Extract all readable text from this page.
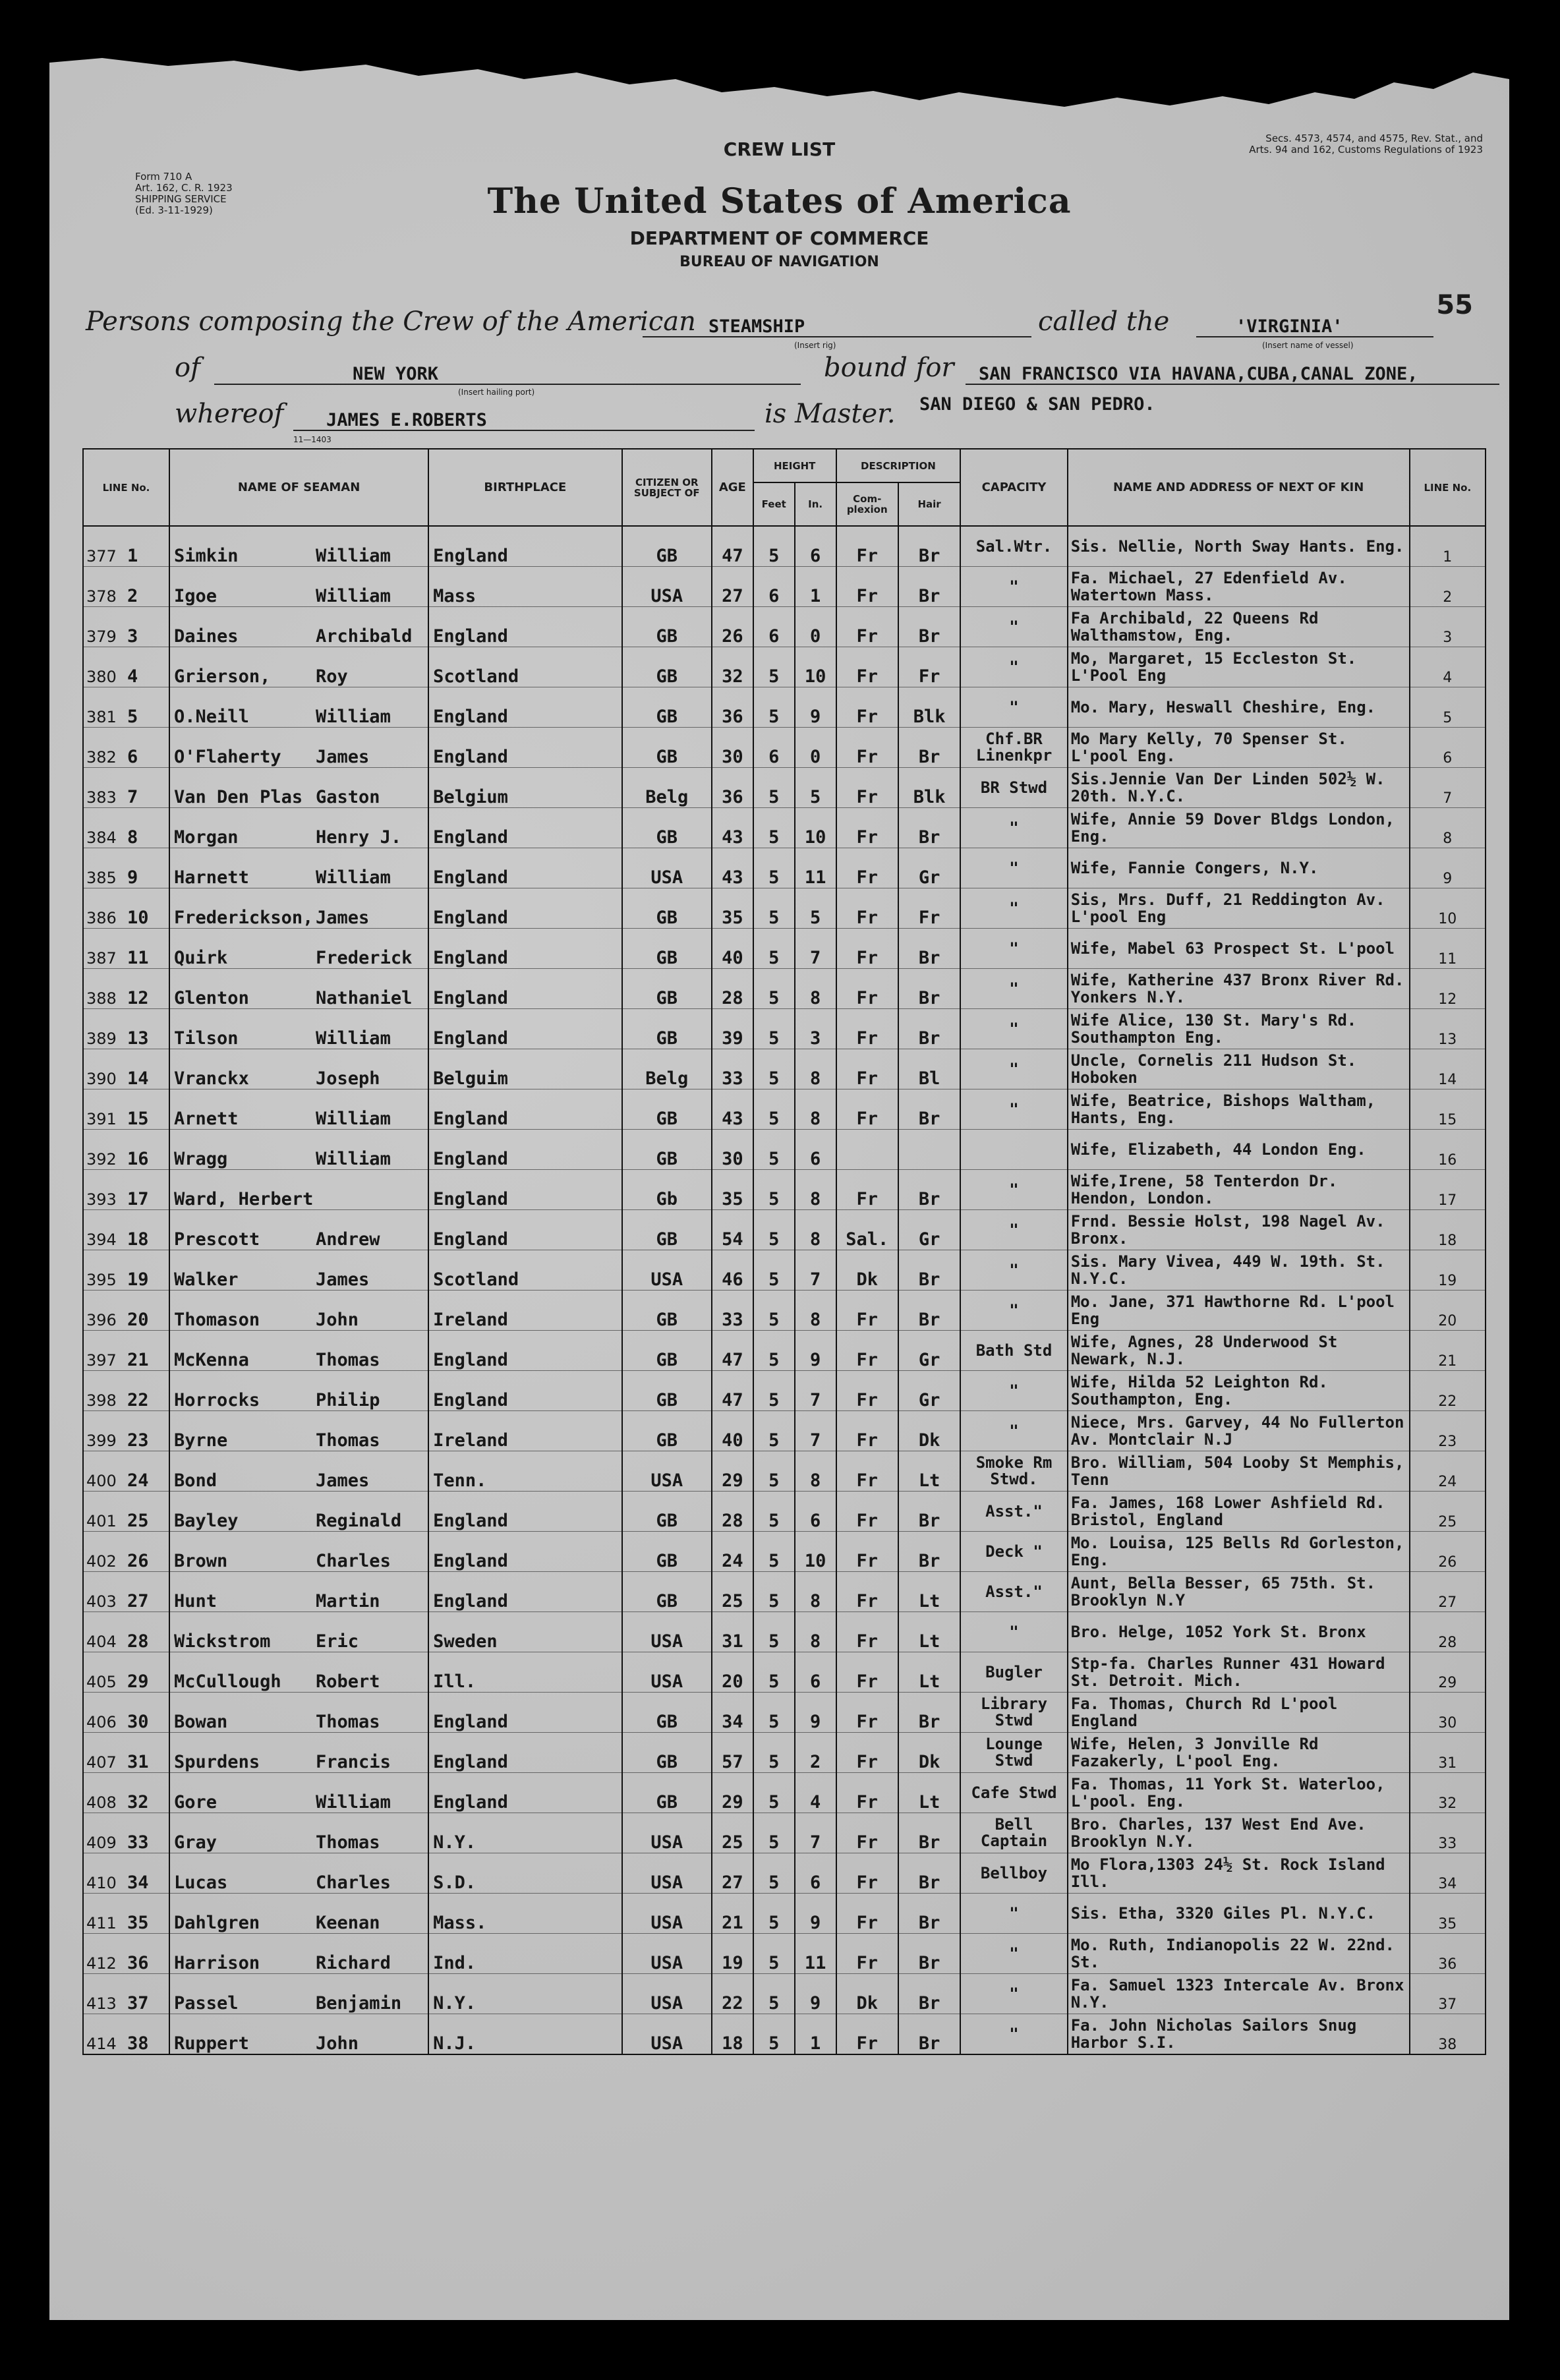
Form 710 A
Art. 162, C. R. 1923
SHIPPING SERVICE
(Ed. 3-11-1929)
Secs. 4573, 4574, and 4575, Rev. Stat., and
Arts. 94 and 162, Customs Regulations of 1923
CREW LIST
The United States of America
DEPARTMENT OF COMMERCE
BUREAU OF NAVIGATION
55
Persons composing the Crew of the American STEAMSHIP
(Insert rig)
called the	'VIRGINIA'
(Insert name of vessel)
of	NEW YORK
(Insert hailing port)
bound for SAN FRANCISCO VIA HAVANA,CUBA,CANAL ZONE,
whereof JAMES E.ROBERTS	is Master. SAN DIEGO & SAN PEDRO.
11—1403
LINE No.	NAME OF SEAMAN	BIRTHPLACE	CITIZEN OR SUBJECT OF	AGE	HEIGHT		DESCRIPTION		CAPACITY	NAME AND ADDRESS OF NEXT OF KIN	LINE No.
					Feet	In.	Com-plexion	Hair			
377 1	Simkin William	England	GB	47	5	6	Fr	Br	Sal.Wtr.	Sis. Nellie, North Sway Hants. Eng.	1
378 2	Igoe William	Mass	USA	27	6	1	Fr	Br	"	Fa. Michael, 27 Edenfield Av. Watertown Mass.	2
379 3	Daines Archibald	England	GB	26	6	0	Fr	Br	"	Fa Archibald, 22 Queens Rd Walthamstow, Eng.	3
380 4	Grierson, Roy	Scotland	GB	32	5	10	Fr	Fr	"	Mo, Margaret, 15 Eccleston St. L'Pool Eng	4
381 5	O.Neill William	England	GB	36	5	9	Fr	Blk	"	Mo. Mary, Heswall Cheshire, Eng.	5
382 6	O'Flaherty James	England	GB	30	6	0	Fr	Br	Chf.BR Linenkpr	Mo Mary Kelly, 70 Spenser St. L'pool Eng.	6
383 7	Van Den Plas Gaston	Belgium	Belg	36	5	5	Fr	Blk	BR Stwd	Sis.Jennie Van Der Linden 502½ W. 20th. N.Y.C.	7
384 8	Morgan Henry J.	England	GB	43	5	10	Fr	Br	"	Wife, Annie 59 Dover Bldgs London, Eng.	8
385 9	Harnett William	England	USA	43	5	11	Fr	Gr	"	Wife, Fannie Congers, N.Y.	9
386 10	Frederickson, James	England	GB	35	5	5	Fr	Fr	"	Sis, Mrs. Duff, 21 Reddington Av. L'pool Eng	10
387 11	Quirk Frederick	England	GB	40	5	7	Fr	Br	"	Wife, Mabel 63 Prospect St. L'pool	11
388 12	Glenton Nathaniel	England	GB	28	5	8	Fr	Br	"	Wife, Katherine 437 Bronx River Rd. Yonkers N.Y.	12
389 13	Tilson William	England	GB	39	5	3	Fr	Br	"	Wife Alice, 130 St. Mary's Rd. Southampton Eng.	13
390 14	Vranckx Joseph	Belguim	Belg	33	5	8	Fr	Bl	"	Uncle, Cornelis 211 Hudson St. Hoboken	14
391 15	Arnett William	England	GB	43	5	8	Fr	Br	"	Wife, Beatrice, Bishops Waltham, Hants, Eng.	15
392 16	Wragg William	England	GB	30	5	6				Wife, Elizabeth, 44 London Eng.	16
393 17	Ward, Herbert	England	Gb	35	5	8	Fr	Br	"	Wife,Irene, 58 Tenterdon Dr. Hendon, London.	17
394 18	Prescott Andrew	England	GB	54	5	8	Sal.	Gr	"	Frnd. Bessie Holst, 198 Nagel Av. Bronx.	18
395 19	Walker James	Scotland	USA	46	5	7	Dk	Br	"	Sis. Mary Vivea, 449 W. 19th. St. N.Y.C.	19
396 20	Thomason John	Ireland	GB	33	5	8	Fr	Br	"	Mo. Jane, 371 Hawthorne Rd. L'pool Eng	20
397 21	McKenna Thomas	England	GB	47	5	9	Fr	Gr	Bath Std	Wife, Agnes, 28 Underwood St Newark, N.J.	21
398 22	Horrocks Philip	England	GB	47	5	7	Fr	Gr	"	Wife, Hilda 52 Leighton Rd. Southampton, Eng.	22
399 23	Byrne Thomas	Ireland	GB	40	5	7	Fr	Dk	"	Niece, Mrs. Garvey, 44 No Fullerton Av. Montclair N.J	23
400 24	Bond James	Tenn.	USA	29	5	8	Fr	Lt	Smoke Rm Stwd.	Bro. William, 504 Looby St Memphis, Tenn	24
401 25	Bayley Reginald	England	GB	28	5	6	Fr	Br	Asst."	Fa. James, 168 Lower Ashfield Rd. Bristol, England	25
402 26	Brown Charles	England	GB	24	5	10	Fr	Br	Deck "	Mo. Louisa, 125 Bells Rd Gorleston, Eng.	26
403 27	Hunt Martin	England	GB	25	5	8	Fr	Lt	Asst."	Aunt, Bella Besser, 65 75th. St. Brooklyn N.Y	27
404 28	Wickstrom Eric	Sweden	USA	31	5	8	Fr	Lt	"	Bro. Helge, 1052 York St. Bronx	28
405 29	McCullough Robert	Ill.	USA	20	5	6	Fr	Lt	Bugler	Stp-fa. Charles Runner 431 Howard St. Detroit. Mich.	29
406 30	Bowan Thomas	England	GB	34	5	9	Fr	Br	Library Stwd	Fa. Thomas, Church Rd L'pool England	30
407 31	Spurdens Francis	England	GB	57	5	2	Fr	Dk	Lounge Stwd	Wife, Helen, 3 Jonville Rd Fazakerly, L'pool Eng.	31
408 32	Gore William	England	GB	29	5	4	Fr	Lt	Cafe Stwd	Fa. Thomas, 11 York St. Waterloo, L'pool. Eng.	32
409 33	Gray Thomas	N.Y.	USA	25	5	7	Fr	Br	Bell Captain	Bro. Charles, 137 West End Ave. Brooklyn N.Y.	33
410 34	Lucas Charles	S.D.	USA	27	5	6	Fr	Br	Bellboy	Mo Flora,1303 24½ St. Rock Island Ill.	34
411 35	Dahlgren Keenan	Mass.	USA	21	5	9	Fr	Br	"	Sis. Etha, 3320 Giles Pl. N.Y.C.	35
412 36	Harrison Richard	Ind.	USA	19	5	11	Fr	Br	"	Mo. Ruth, Indianopolis 22 W. 22nd. St.	36
413 37	Passel Benjamin	N.Y.	USA	22	5	9	Dk	Br	"	Fa. Samuel 1323 Intercale Av. Bronx N.Y.	37
414 38	Ruppert John	N.J.	USA	18	5	1	Fr	Br	"	Fa. John Nicholas Sailors Snug Harbor S.I.	38
